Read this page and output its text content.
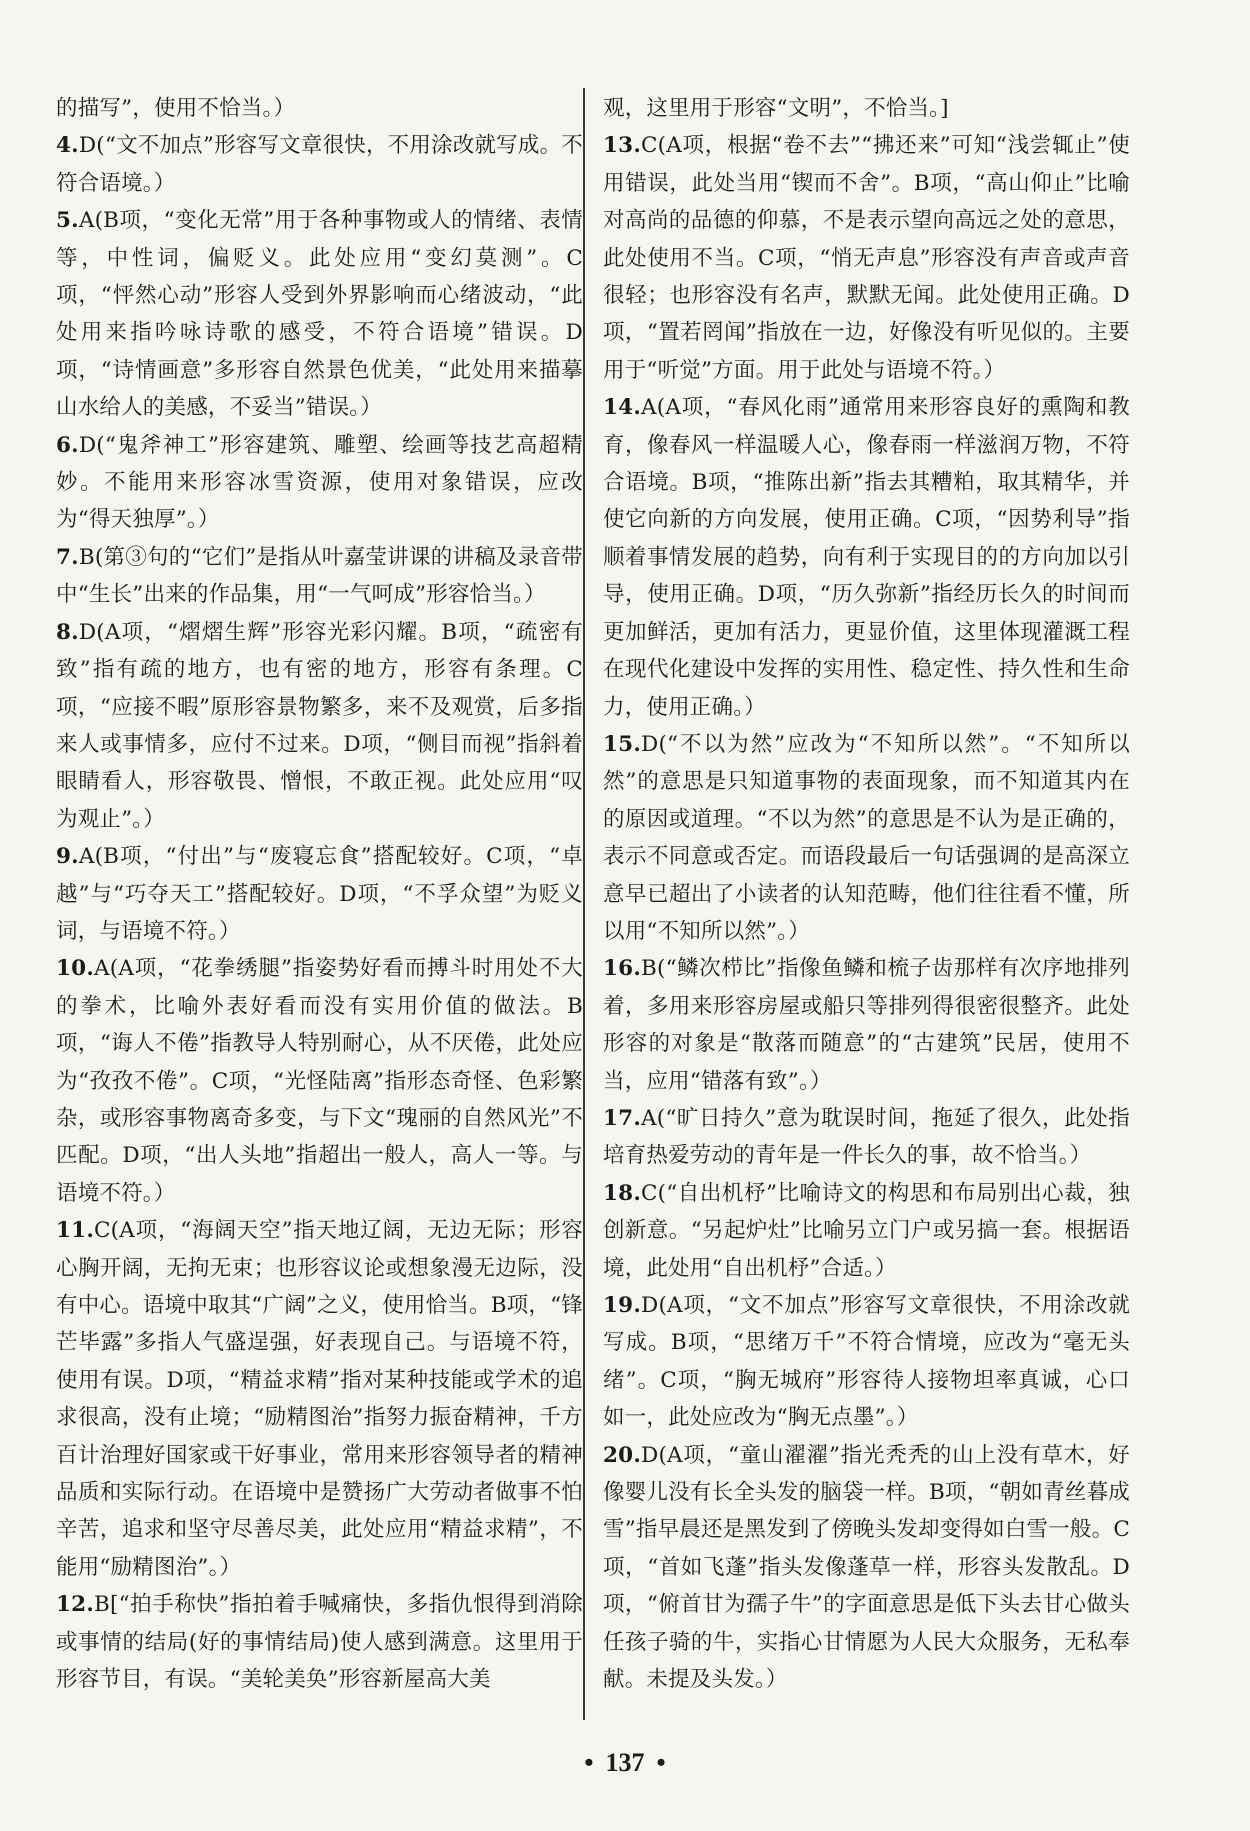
的描写”，使用不恰当。）

4.D(“文不加点”形容写文章很快，不用涂改就写成。不符合语境。）

5.A(B项，“变化无常”用于各种事物或人的情绪、表情等，中性词，偏贬义。此处应用“变幻莫测”。C项，“怦然心动”形容人受到外界影响而心绪波动，“此处用来指吟咏诗歌的感受，不符合语境”错误。D项，“诗情画意”多形容自然景色优美，“此处用来描摹山水给人的美感，不妥当”错误。）

6.D(“鬼斧神工”形容建筑、雕塑、绘画等技艺高超精妙。不能用来形容冰雪资源，使用对象错误，应改为“得天独厚”。）

7.B(第③句的“它们”是指从叶嘉莹讲课的讲稿及录音带中“生长”出来的作品集，用“一气呵成”形容恰当。）

8.D(A项，“熠熠生辉”形容光彩闪耀。B项，“疏密有致”指有疏的地方，也有密的地方，形容有条理。C项，“应接不暇”原形容景物繁多，来不及观赏，后多指来人或事情多，应付不过来。D项，“侧目而视”指斜着眼睛看人，形容敬畏、憎恨，不敢正视。此处应用“叹为观止”。）

9.A(B项，“付出”与“废寝忘食”搭配较好。C项，“卓越”与“巧夺天工”搭配较好。D项，“不孚众望”为贬义词，与语境不符。）

10.A(A项，“花拳绣腿”指姿势好看而搏斗时用处不大的拳术，比喻外表好看而没有实用价值的做法。B项，“诲人不倦”指教导人特别耐心，从不厌倦，此处应为“孜孜不倦”。C项，“光怪陆离”指形态奇怪、色彩繁杂，或形容事物离奇多变，与下文“瑰丽的自然风光”不匹配。D项，“出人头地”指超出一般人，高人一等。与语境不符。）

11.C(A项，“海阔天空”指天地辽阔，无边无际；形容心胸开阔，无拘无束；也形容议论或想象漫无边际，没有中心。语境中取其“广阔”之义，使用恰当。B项，“锋芒毕露”多指人气盛逞强，好表现自己。与语境不符，使用有误。D项，“精益求精”指对某种技能或学术的追求很高，没有止境；“励精图治”指努力振奋精神，千方百计治理好国家或干好事业，常用来形容领导者的精神品质和实际行动。在语境中是赞扬广大劳动者做事不怕辛苦，追求和坚守尽善尽美，此处应用“精益求精”，不能用“励精图治”。）

12.B[“拍手称快”指拍着手喊痛快，多指仇恨得到消除或事情的结局(好的事情结局)使人感到满意。这里用于形容节目，有误。“美轮美奂”形容新屋高大美

观，这里用于形容“文明”，不恰当。]

13.C(A项，根据“卷不去”“拂还来”可知“浅尝辄止”使用错误，此处当用“锲而不舍”。B项，“高山仰止”比喻对高尚的品德的仰慕，不是表示望向高远之处的意思，此处使用不当。C项，“悄无声息”形容没有声音或声音很轻；也形容没有名声，默默无闻。此处使用正确。D项，“置若罔闻”指放在一边，好像没有听见似的。主要用于“听觉”方面。用于此处与语境不符。）

14.A(A项，“春风化雨”通常用来形容良好的熏陶和教育，像春风一样温暖人心，像春雨一样滋润万物，不符合语境。B项，“推陈出新”指去其糟粕，取其精华，并使它向新的方向发展，使用正确。C项，“因势利导”指顺着事情发展的趋势，向有利于实现目的的方向加以引导，使用正确。D项，“历久弥新”指经历长久的时间而更加鲜活，更加有活力，更显价值，这里体现灌溉工程在现代化建设中发挥的实用性、稳定性、持久性和生命力，使用正确。）

15.D(“不以为然”应改为“不知所以然”。“不知所以然”的意思是只知道事物的表面现象，而不知道其内在的原因或道理。“不以为然”的意思是不认为是正确的，表示不同意或否定。而语段最后一句话强调的是高深立意早已超出了小读者的认知范畴，他们往往看不懂，所以用“不知所以然”。）

16.B(“鳞次栉比”指像鱼鳞和梳子齿那样有次序地排列着，多用来形容房屋或船只等排列得很密很整齐。此处形容的对象是“散落而随意”的“古建筑”民居，使用不当，应用“错落有致”。）

17.A(“旷日持久”意为耽误时间，拖延了很久，此处指培育热爱劳动的青年是一件长久的事，故不恰当。）

18.C(“自出机杼”比喻诗文的构思和布局别出心裁，独创新意。“另起炉灶”比喻另立门户或另搞一套。根据语境，此处用“自出机杼”合适。）

19.D(A项，“文不加点”形容写文章很快，不用涂改就写成。B项，“思绪万千”不符合情境，应改为“毫无头绪”。C项，“胸无城府”形容待人接物坦率真诚，心口如一，此处应改为“胸无点墨”。）

20.D(A项，“童山濯濯”指光秃秃的山上没有草木，好像婴儿没有长全头发的脑袋一样。B项，“朝如青丝暮成雪”指早晨还是黑发到了傍晚头发却变得如白雪一般。C项，“首如飞蓬”指头发像蓬草一样，形容头发散乱。D项，“俯首甘为孺子牛”的字面意思是低下头去甘心做头任孩子骑的牛，实指心甘情愿为人民大众服务，无私奉献。未提及头发。）

• 137 •
